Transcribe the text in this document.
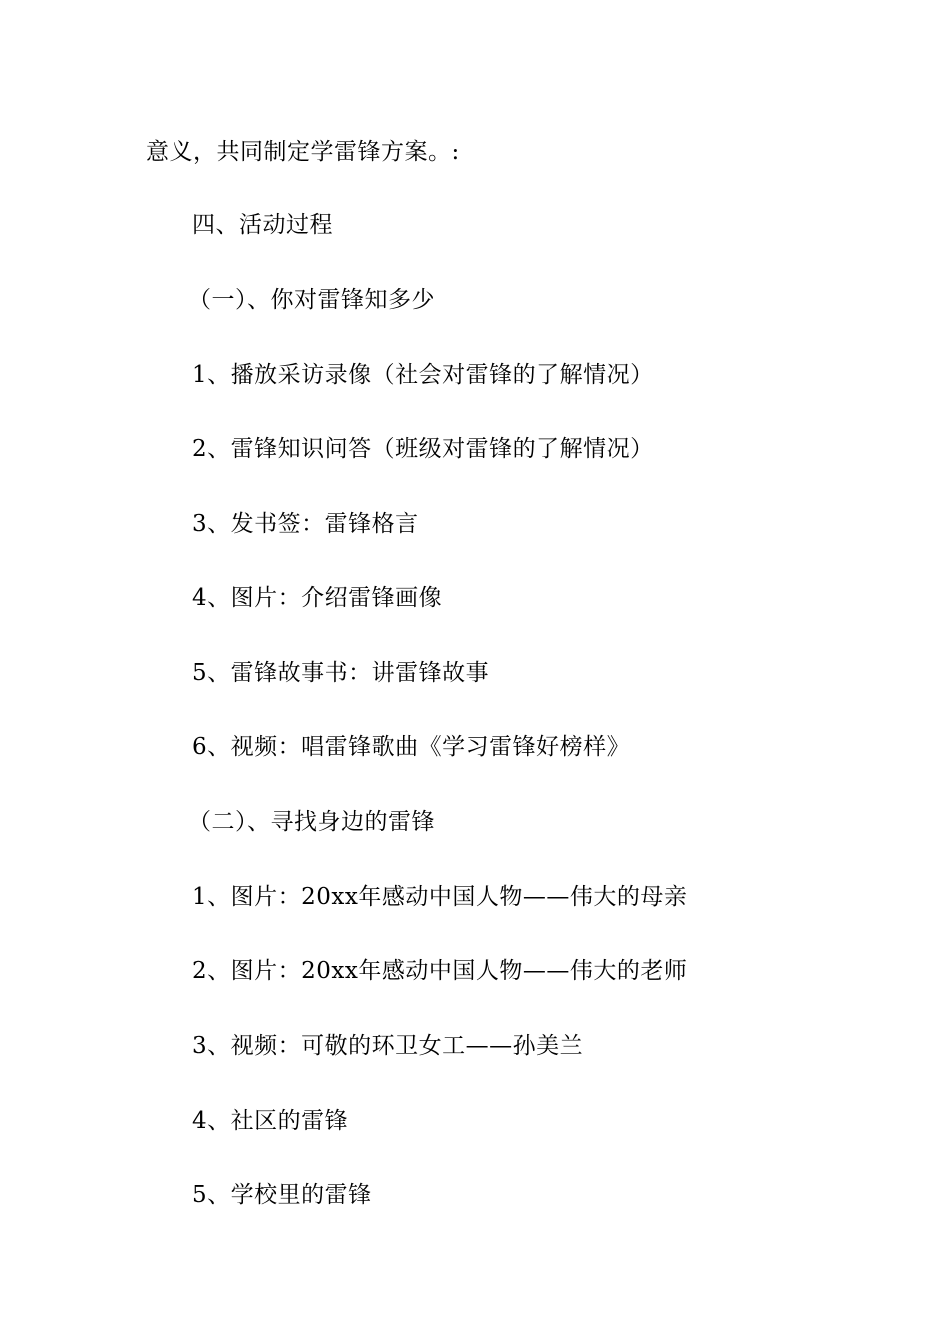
意义，共同制定学雷锋方案。:
四、活动过程
（一）、你对雷锋知多少
1、播放采访录像（社会对雷锋的了解情况）
2、雷锋知识问答（班级对雷锋的了解情况）
3、发书签：雷锋格言
4、图片：介绍雷锋画像
5、雷锋故事书：讲雷锋故事
6、视频：唱雷锋歌曲《学习雷锋好榜样》
（二）、寻找身边的雷锋
1、图片：20xx年感动中国人物——伟大的母亲
2、图片：20xx年感动中国人物——伟大的老师
3、视频：可敬的环卫女工——孙美兰
4、社区的雷锋
5、学校里的雷锋
